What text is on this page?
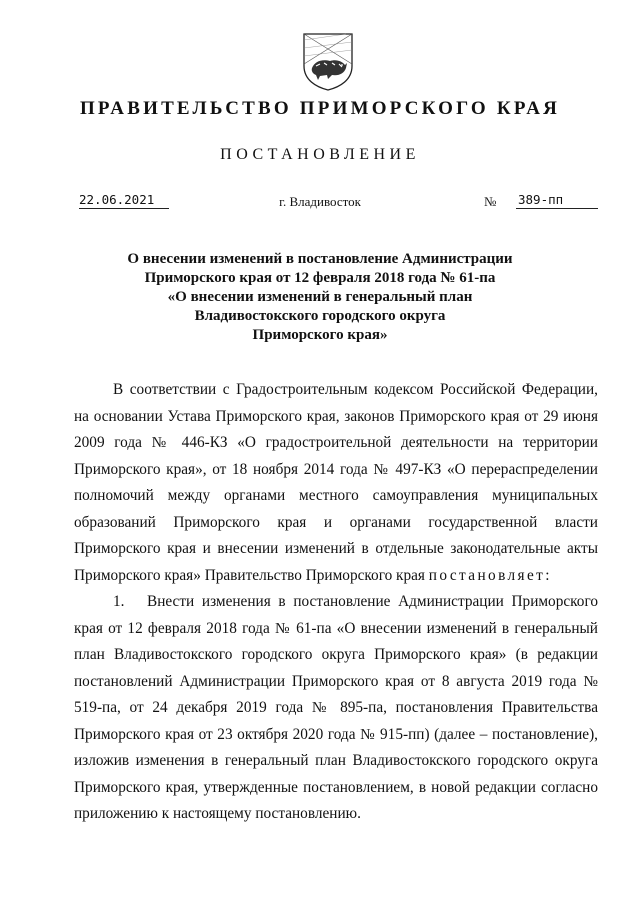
ПРАВИТЕЛЬСТВО ПРИМОРСКОГО КРАЯ
ПОСТАНОВЛЕНИЕ
22.06.2021	г. Владивосток	№ 389-пп
О внесении изменений в постановление Администрации
Приморского края от 12 февраля 2018 года № 61-па
«О внесении изменений в генеральный план
Владивостокского городского округа
Приморского края»

В соответствии с Градостроительным кодексом Российской Федерации, на основании Устава Приморского края, законов Приморского края от 29 июня 2009 года № 446-КЗ «О градостроительной деятельности на территории Приморского края», от 18 ноября 2014 года № 497-КЗ «О перераспределении полномочий между органами местного самоуправления муниципальных образований Приморского края и органами государственной власти Приморского края и внесении изменений в отдельные законодательные акты Приморского края» Правительство Приморского края постановляет:

1. Внести изменения в постановление Администрации Приморского края от 12 февраля 2018 года № 61-па «О внесении изменений в генеральный план Владивостокского городского округа Приморского края» (в редакции постановлений Администрации Приморского края от 8 августа 2019 года № 519-па, от 24 декабря 2019 года № 895-па, постановления Правительства Приморского края от 23 октября 2020 года № 915-пп) (далее – постановление), изложив изменения в генеральный план Владивостокского городского округа Приморского края, утвержденные постановлением, в новой редакции согласно приложению к настоящему постановлению.
